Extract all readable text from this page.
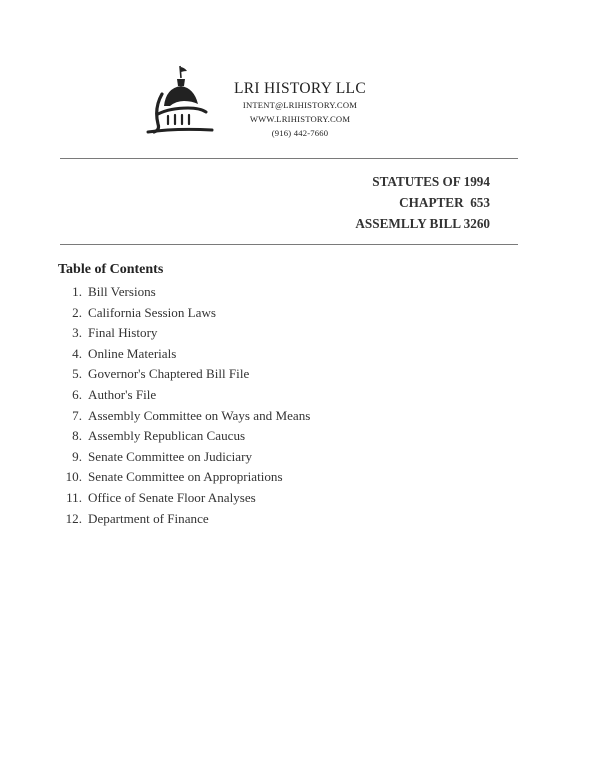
LRI HISTORY LLC
INTENT@LRIHISTORY.COM
WWW.LRIHISTORY.COM
(916) 442-7660
STATUTES OF 1994
CHAPTER  653
ASSEMLLY BILL 3260
Table of Contents
1. Bill Versions
2. California Session Laws
3. Final History
4. Online Materials
5. Governor's Chaptered Bill File
6. Author's File
7. Assembly Committee on Ways and Means
8. Assembly Republican Caucus
9. Senate Committee on Judiciary
10. Senate Committee on Appropriations
11. Office of Senate Floor Analyses
12. Department of Finance
